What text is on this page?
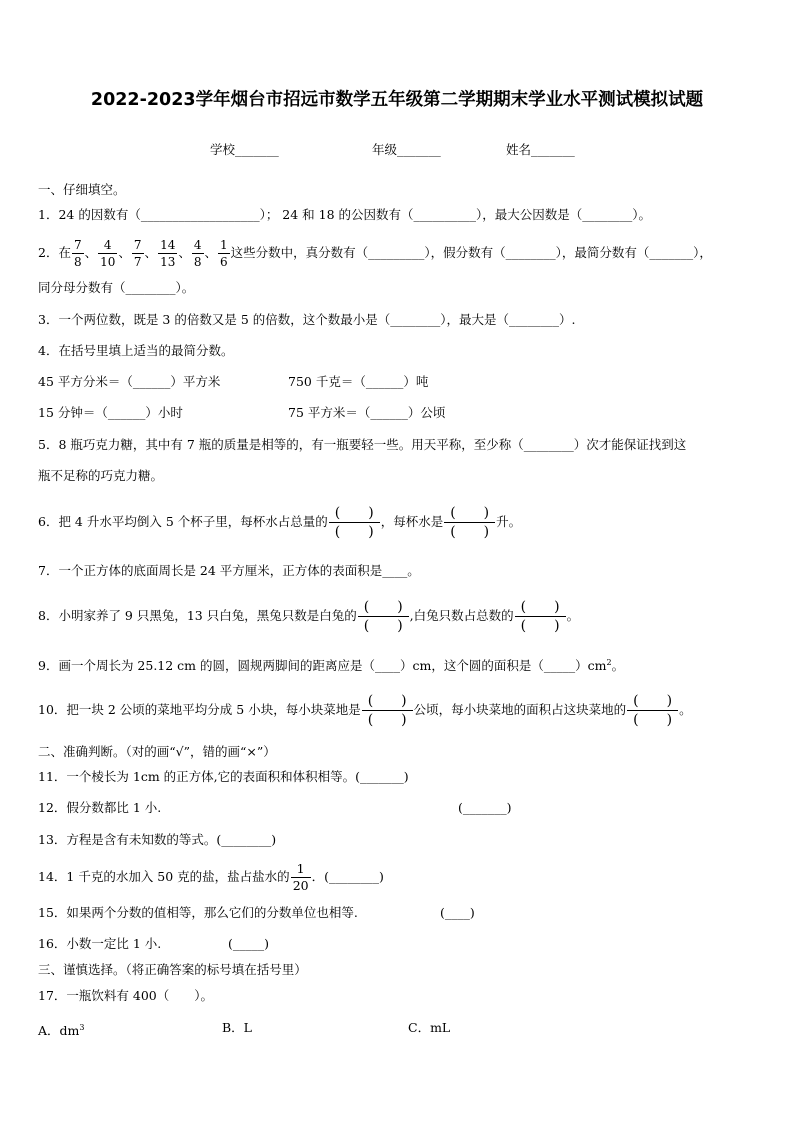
2022-2023学年烟台市招远市数学五年级第二学期期末学业水平测试模拟试题
学校_______	年级_______	姓名_______
一、仔细填空。
1．24 的因数有（___________________）； 24 和 18 的公因数有（__________），最大公因数是（________）。
2．在 $\frac{7}{8}$ 、 $\frac{4}{10}$ 、 $\frac{7}{7}$ 、 $\frac{14}{13}$ 、 $\frac{4}{8}$ 、 $\frac{1}{6}$ 这些分数中，真分数有（_________），假分数有（________），最简分数有（_______），
同分母分数有（________）。
3．一个两位数，既是 3 的倍数又是 5 的倍数，这个数最小是（________），最大是（________）.
4．在括号里填上适当的最简分数。
45 平方分米＝（______）平方米	750 千克＝（______）吨
15 分钟＝（______）小时	75 平方米＝（______）公顷
5．8 瓶巧克力糖，其中有 7 瓶的质量是相等的，有一瓶要轻一些。用天平称，至少称（________）次才能保证找到这
瓶不足称的巧克力糖。
6．把 4 升水平均倒入 5 个杯子里，每杯水占总量的 $\frac{( )}{( )}$ ，每杯水是 $\frac{( )}{( )}$ 升。
7．一个正方体的底面周长是 24 平方厘米，正方体的表面积是____。
8．小明家养了 9 只黑兔，13 只白兔，黑兔只数是白兔的 $\frac{( )}{( )}$ ,白兔只数占总数的 $\frac{( )}{( )}$ 。
9．画一个周长为 25.12 cm 的圆，圆规两脚间的距离应是（____）cm，这个圆的面积是$(\_\_\_\_\_)cm^2$。
10．把一块 2 公顷的菜地平均分成 5 小块，每小块菜地是 $\frac{( )}{( )}$ 公顷，每小块菜地的面积占这块菜地的 $\frac{( )}{( )}$ 。
二、准确判断。（对的画“√”，错的画“×”）
11．一个棱长为 1cm 的正方体,它的表面积和体积相等。(_______)
12．假分数都比 1 小.	(_______)
13．方程是含有未知数的等式。(________)
14．1 千克的水加入 50 克的盐，盐占盐水的 $\frac{1}{20}$ ．(________)
15．如果两个分数的值相等，那么它们的分数单位也相等.	(____)
16．小数一定比 1 小.	(_____)
三、谨慎选择。（将正确答案的标号填在括号里）
17．一瓶饮料有 400（　　）。
A．$dm^3$	B．L	C．mL
